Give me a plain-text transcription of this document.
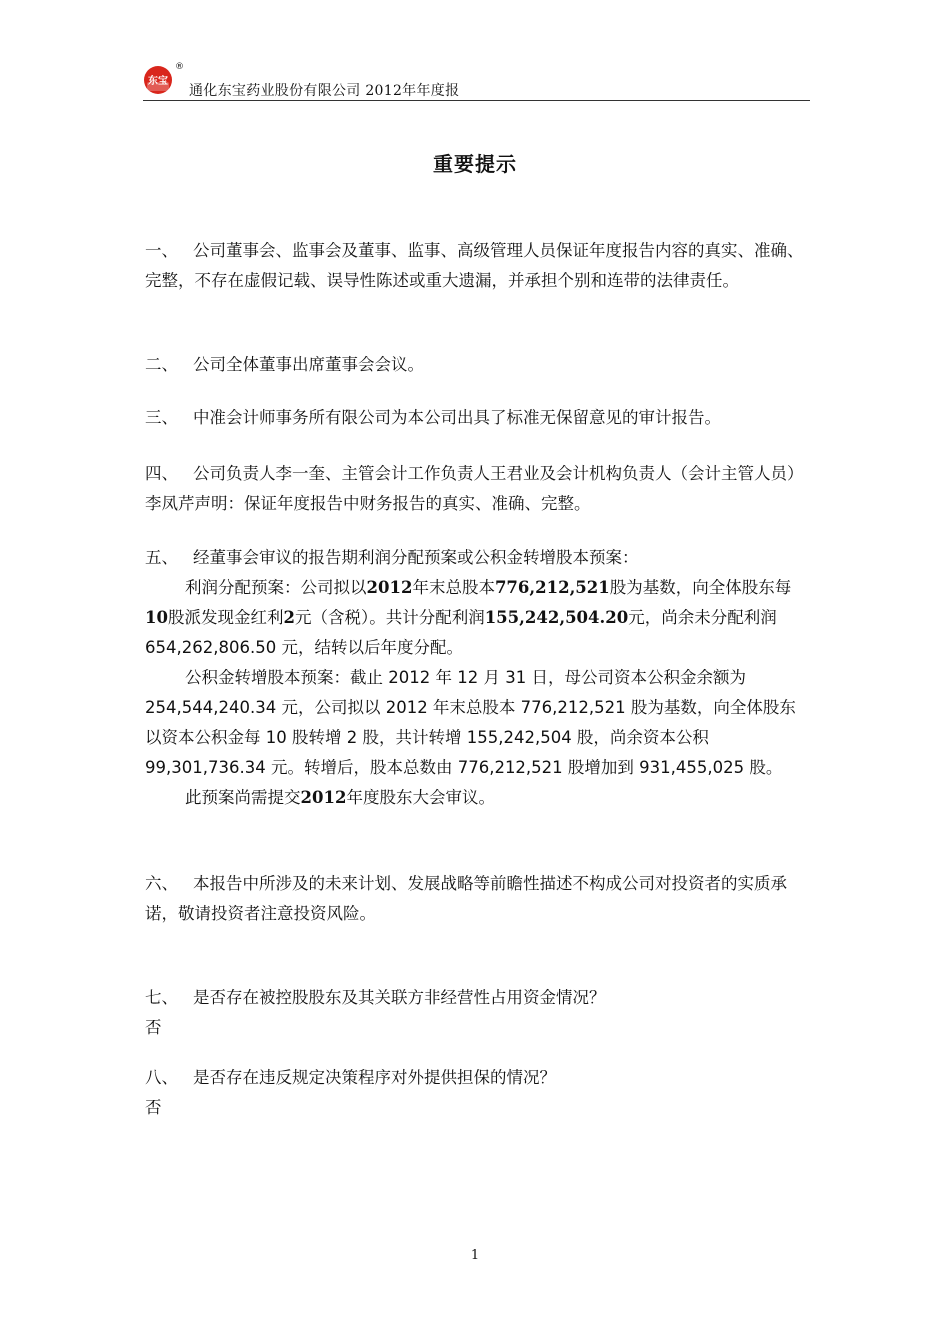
东宝
®
通化东宝药业股份有限公司 2012年年度报
重要提示

一、 公司董事会、监事会及董事、监事、高级管理人员保证年度报告内容的真实、准确、完整，不存在虚假记载、误导性陈述或重大遗漏，并承担个别和连带的法律责任。

二、 公司全体董事出席董事会会议。

三、 中准会计师事务所有限公司为本公司出具了标准无保留意见的审计报告。

四、 公司负责人李一奎、主管会计工作负责人王君业及会计机构负责人（会计主管人员）李凤芹声明：保证年度报告中财务报告的真实、准确、完整。

五、 经董事会审议的报告期利润分配预案或公积金转增股本预案：

利润分配预案：公司拟以2012年末总股本776,212,521股为基数，向全体股东每10股派发现金红利2元（含税）。共计分配利润155,242,504.20元，尚余未分配利润654,262,806.50 元，结转以后年度分配。

公积金转增股本预案：截止 2012 年 12 月 31 日，母公司资本公积金余额为 254,544,240.34 元，公司拟以 2012 年末总股本 776,212,521 股为基数，向全体股东以资本公积金每 10 股转增 2 股，共计转增 155,242,504 股，尚余资本公积 99,301,736.34 元。转增后，股本总数由 776,212,521 股增加到 931,455,025 股。

此预案尚需提交2012年度股东大会审议。

六、 本报告中所涉及的未来计划、发展战略等前瞻性描述不构成公司对投资者的实质承

诺，敬请投资者注意投资风险。

七、 是否存在被控股股东及其关联方非经营性占用资金情况？

否

八、 是否存在违反规定决策程序对外提供担保的情况？

否

1
